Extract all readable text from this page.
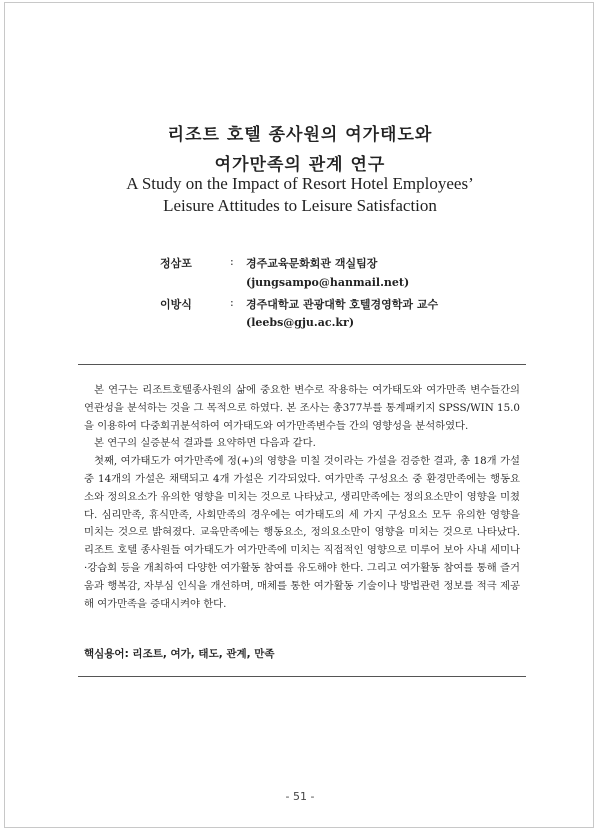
리조트 호텔 종사원의 여가태도와
여가만족의 관계 연구
A Study on the Impact of Resort Hotel Employees’
Leisure Attitudes to Leisure Satisfaction
정삼포	: 경주교육문화회관 객실팀장
(jungsampo@hanmail.net)
이방식	: 경주대학교 관광대학 호텔경영학과 교수
(leebs@gju.ac.kr)

본 연구는 리조트호텔종사원의 삶에 중요한 변수로 작용하는 여가태도와 여가만족 변수들간의 연관성을 분석하는 것을 그 목적으로 하였다. 본 조사는 총377부를 통계패키지 SPSS/WIN 15.0을 이용하여 다중회귀분석하여 여가태도와 여가만족변수들 간의 영향성을 분석하였다.

본 연구의 실증분석 결과를 요약하면 다음과 같다.

첫째, 여가태도가 여가만족에 정(+)의 영향을 미칠 것이라는 가설을 검증한 결과, 총 18개 가설 중 14개의 가설은 채택되고 4개 가설은 기각되었다. 여가만족 구성요소 중 환경만족에는 행동요소와 정의요소가 유의한 영향을 미치는 것으로 나타났고, 생리만족에는 정의요소만이 영향을 미쳤다. 심리만족, 휴식만족, 사회만족의 경우에는 여가태도의 세 가지 구성요소 모두 유의한 영향을 미치는 것으로 밝혀졌다. 교육만족에는 행동요소, 정의요소만이 영향을 미치는 것으로 나타났다. 리조트 호텔 종사원들 여가태도가 여가만족에 미치는 직접적인 영향으로 미루어 보아 사내 세미나·강습회 등을 개최하여 다양한 여가활동 참여를 유도해야 한다. 그리고 여가활동 참여를 통해 즐거움과 행복감, 자부심 인식을 개선하며, 매체를 통한 여가활동 기술이나 방법관련 정보를 적극 제공해 여가만족을 증대시켜야 한다.

핵심용어: 리조트, 여가, 태도, 관계, 만족
- 51 -
